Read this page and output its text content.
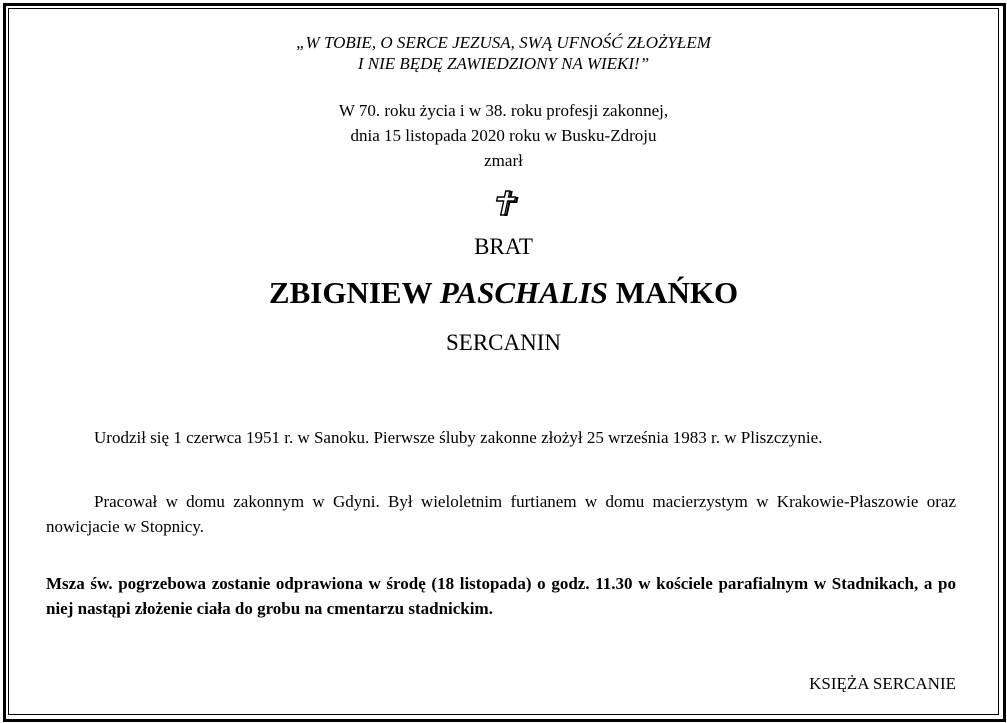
„W TOBIE, O SERCE JEZUSA, SWĄ UFNOŚĆ ZŁOŻYŁEM
I NIE BĘDĘ ZAWIEDZIONY NA WIEKI!”
W 70. roku życia i w 38. roku profesji zakonnej,
dnia 15 listopada 2020 roku w Busku-Zdroju
zmarł
BRAT
ZBIGNIEW PASCHALIS MAŃKO
SERCANIN
Urodził się 1 czerwca 1951 r. w Sanoku. Pierwsze śluby zakonne złożył 25 września 1983 r. w Pliszczynie.
Pracował w domu zakonnym w Gdyni. Był wieloletnim furtianem w domu macierzystym w Krakowie-Płaszowie oraz nowicjacie w Stopnicy.
Msza św. pogrzebowa zostanie odprawiona w środę (18 listopada) o godz. 11.30 w kościele parafialnym w Stadnikach, a po niej nastąpi złożenie ciała do grobu na cmentarzu stadnickim.
KSIĘŻA SERCANIE
